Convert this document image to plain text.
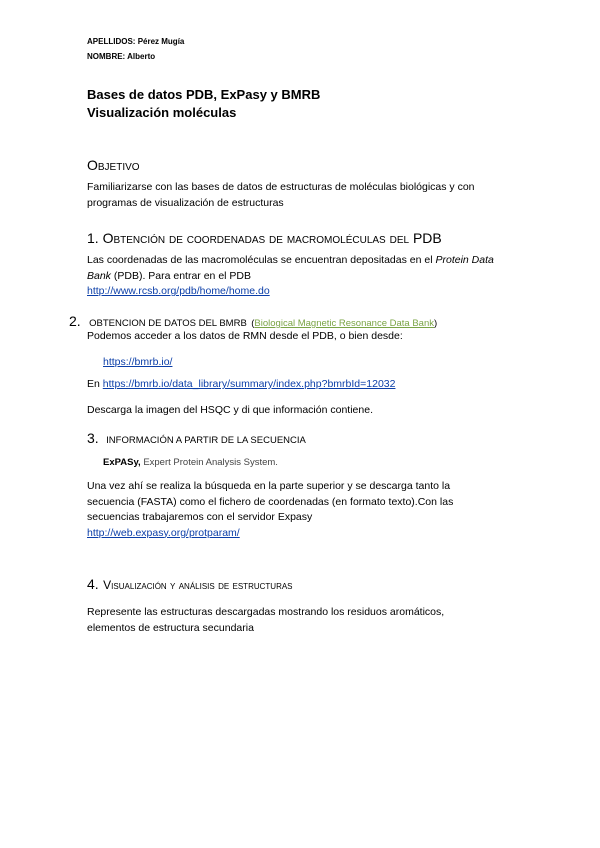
APELLIDOS: Pérez Mugía
NOMBRE: Alberto
Bases de datos PDB, ExPasy y BMRB
Visualización moléculas
Objetivo
Familiarizarse con las bases de datos de estructuras de moléculas biológicas y con
programas de visualización de estructuras
1. Obtención de coordenadas de macromoléculas del PDB
Las coordenadas de las macromoléculas se encuentran depositadas en el Protein Data
Bank (PDB). Para entrar en el PDB
http://www.rcsb.org/pdb/home/home.do
2. OBTENCION DE DATOS DEL BMRB (Biological Magnetic Resonance Data Bank)
Podemos acceder a los datos de RMN desde el PDB, o bien desde:
https://bmrb.io/
En https://bmrb.io/data_library/summary/index.php?bmrbId=12032
Descarga la imagen del HSQC y di que información contiene.
3. INFORMACIÓN A PARTIR DE LA SECUENCIA
ExPASy, Expert Protein Analysis System.
Una vez ahí se realiza la búsqueda en la parte superior y se descarga tanto la
secuencia (FASTA) como el fichero de coordenadas (en formato texto).Con las
secuencias trabajaremos con el servidor Expasy
http://web.expasy.org/protparam/
4. Visualización y análisis de estructuras
Represente las estructuras descargadas mostrando los residuos aromáticos,
elementos de estructura secundaria
